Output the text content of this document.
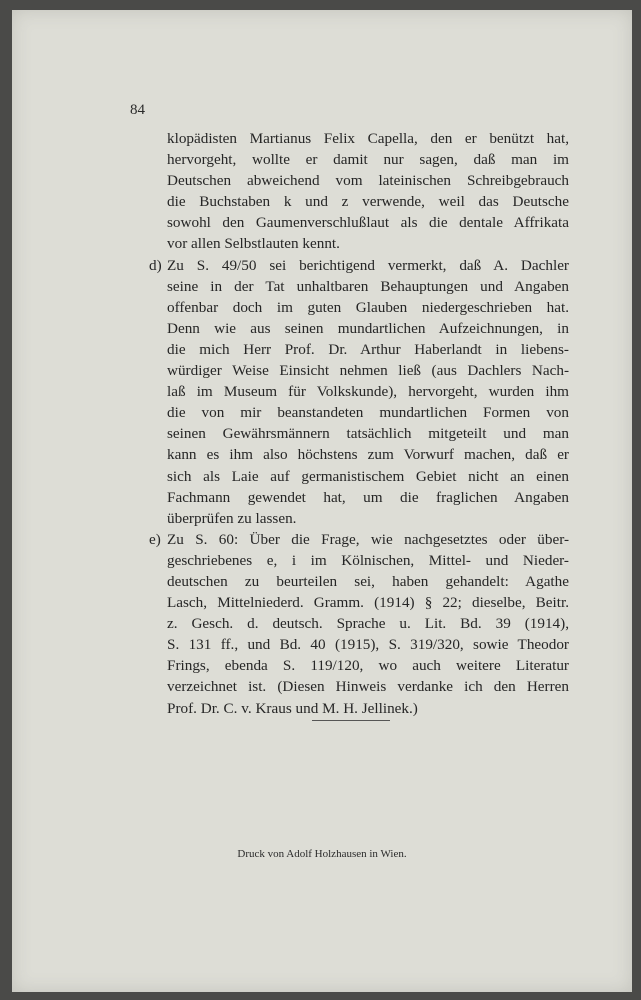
84
klopädisten Martianus Felix Capella, den er benützt hat,
hervorgeht, wollte er damit nur sagen, daß man im
Deutschen abweichend vom lateinischen Schreibgebrauch
die Buchstaben k und z verwende, weil das Deutsche
sowohl den Gaumenverschlußlaut als die dentale Affrikata
vor allen Selbstlauten kennt.
d) Zu S. 49/50 sei berichtigend vermerkt, daß A. Dachler
seine in der Tat unhaltbaren Behauptungen und Angaben
offenbar doch im guten Glauben niedergeschrieben hat.
Denn wie aus seinen mundartlichen Aufzeichnungen, in
die mich Herr Prof. Dr. Arthur Haberlandt in liebens-
würdiger Weise Einsicht nehmen ließ (aus Dachlers Nach-
laß im Museum für Volkskunde), hervorgeht, wurden ihm
die von mir beanstandeten mundartlichen Formen von
seinen Gewährsmännern tatsächlich mitgeteilt und man
kann es ihm also höchstens zum Vorwurf machen, daß er
sich als Laie auf germanistischem Gebiet nicht an einen
Fachmann gewendet hat, um die fraglichen Angaben
überprüfen zu lassen.
e) Zu S. 60: Über die Frage, wie nachgesetztes oder über-
geschriebenes e, i im Kölnischen, Mittel- und Nieder-
deutschen zu beurteilen sei, haben gehandelt: Agathe
Lasch, Mittelniederd. Gramm. (1914) § 22; dieselbe, Beitr.
z. Gesch. d. deutsch. Sprache u. Lit. Bd. 39 (1914),
S. 131 ff., und Bd. 40 (1915), S. 319/320, sowie Theodor
Frings, ebenda S. 119/120, wo auch weitere Literatur
verzeichnet ist. (Diesen Hinweis verdanke ich den Herren
Prof. Dr. C. v. Kraus und M. H. Jellinek.)
Druck von Adolf Holzhausen in Wien.
